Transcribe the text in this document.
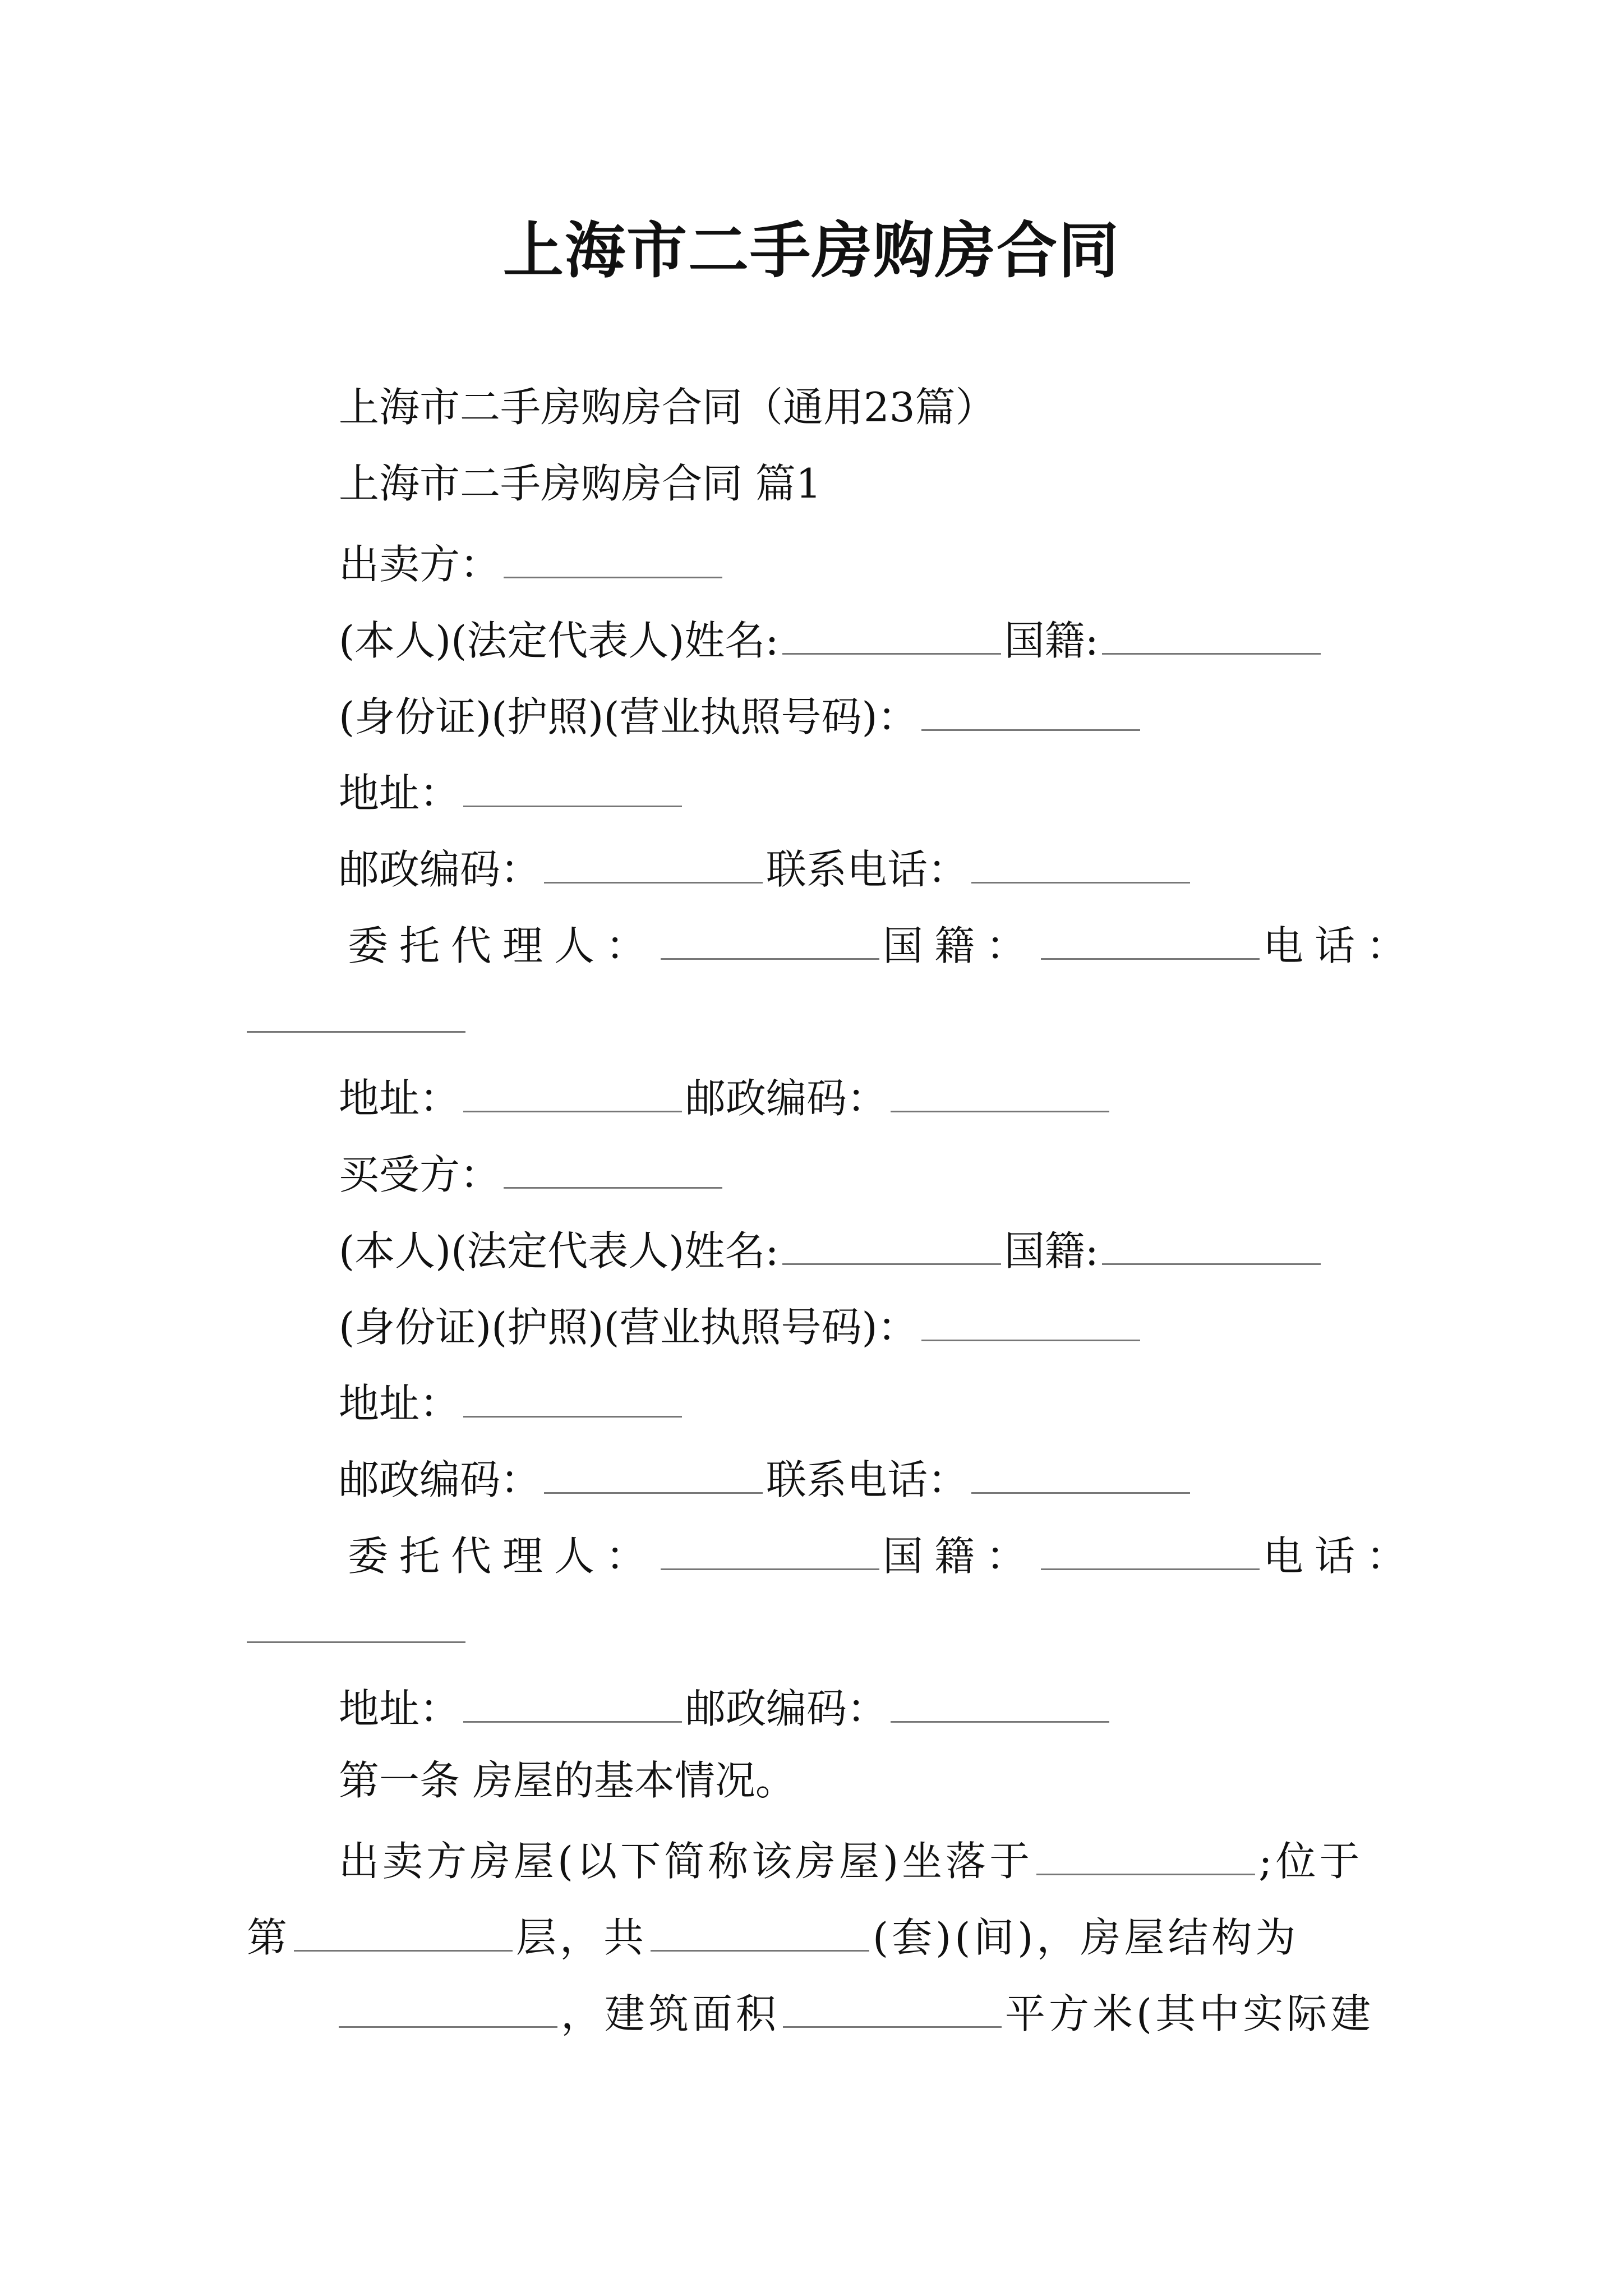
上海市二手房购房合同
上海市二手房购房合同（通用23篇）
上海市二手房购房合同 篇1
出卖方：
(本人)(法定代表人)姓名:	国籍:
(身份证)(护照)(营业执照号码)：
地址：
邮政编码：	联系电话：
委托代理人：	国籍：	电话：
地址：	邮政编码：
买受方：
(本人)(法定代表人)姓名:	国籍:
(身份证)(护照)(营业执照号码)：
地址：
邮政编码：	联系电话：
委托代理人：	国籍：	电话：
地址：	邮政编码：
第一条 房屋的基本情况。
出卖方房屋(以下简称该房屋)坐落于	;位于
第	层，共	(套)(间)，房屋结构为
，建筑面积	平方米(其中实际建
